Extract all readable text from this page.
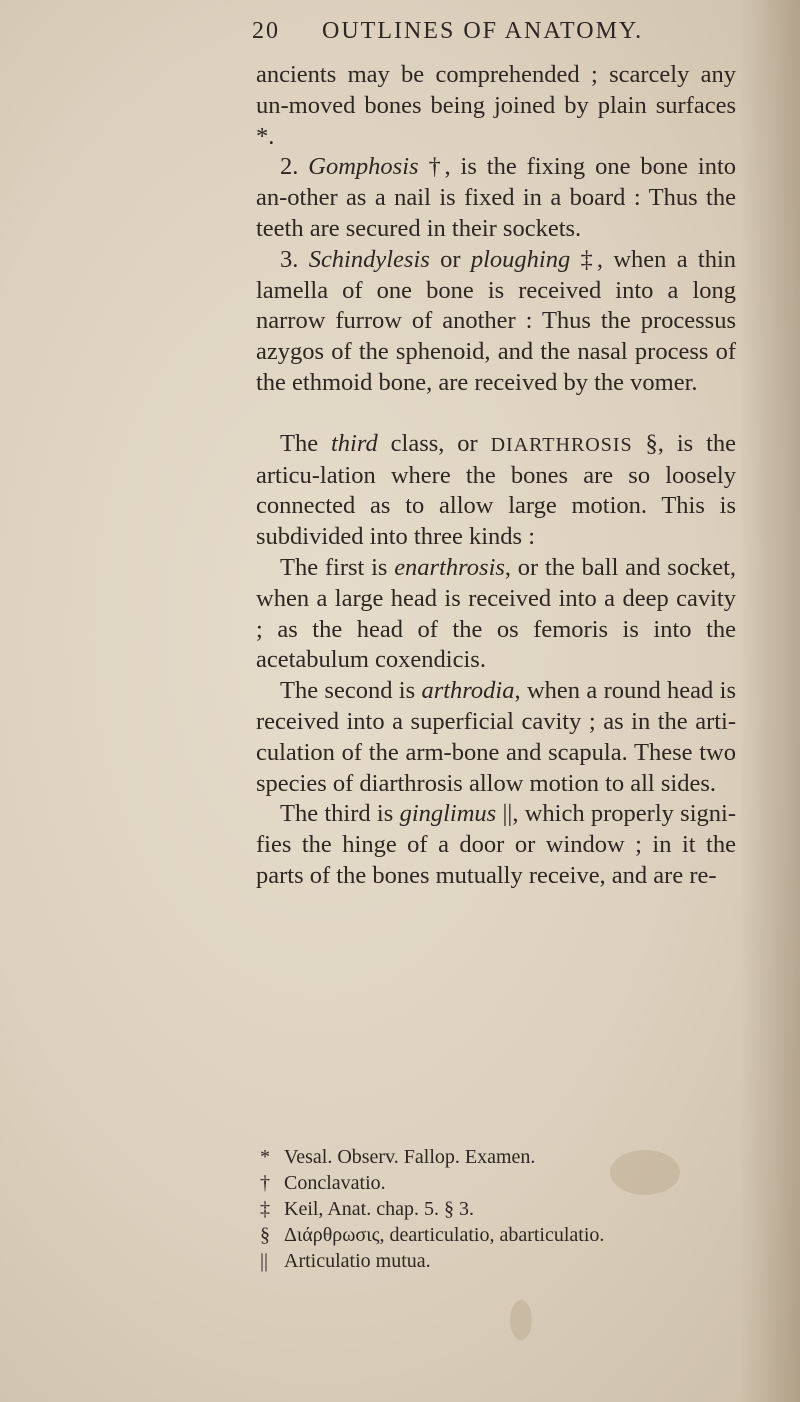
20 OUTLINES OF ANATOMY.

ancients may be comprehended ; scarcely any un-moved bones being joined by plain surfaces *.

2. Gomphosis †, is the fixing one bone into an-other as a nail is fixed in a board : Thus the teeth are secured in their sockets.

3. Schindylesis or ploughing ‡, when a thin lamella of one bone is received into a long narrow furrow of another : Thus the processus azygos of the sphenoid, and the nasal process of the ethmoid bone, are received by the vomer.

The third class, or DIARTHROSIS §, is the articu-lation where the bones are so loosely connected as to allow large motion. This is subdivided into three kinds :

The first is enarthrosis, or the ball and socket, when a large head is received into a deep cavity ; as the head of the os femoris is into the acetabulum coxendicis.

The second is arthrodia, when a round head is received into a superficial cavity ; as in the arti-culation of the arm-bone and scapula. These two species of diarthrosis allow motion to all sides.

The third is ginglimus ||, which properly signi-fies the hinge of a door or window ; in it the parts of the bones mutually receive, and are re-

* Vesal. Observ. Fallop. Examen.

† Conclavatio.

‡ Keil, Anat. chap. 5. § 3.

§ Διάρθρωσις, dearticulatio, abarticulatio.

|| Articulatio mutua.
